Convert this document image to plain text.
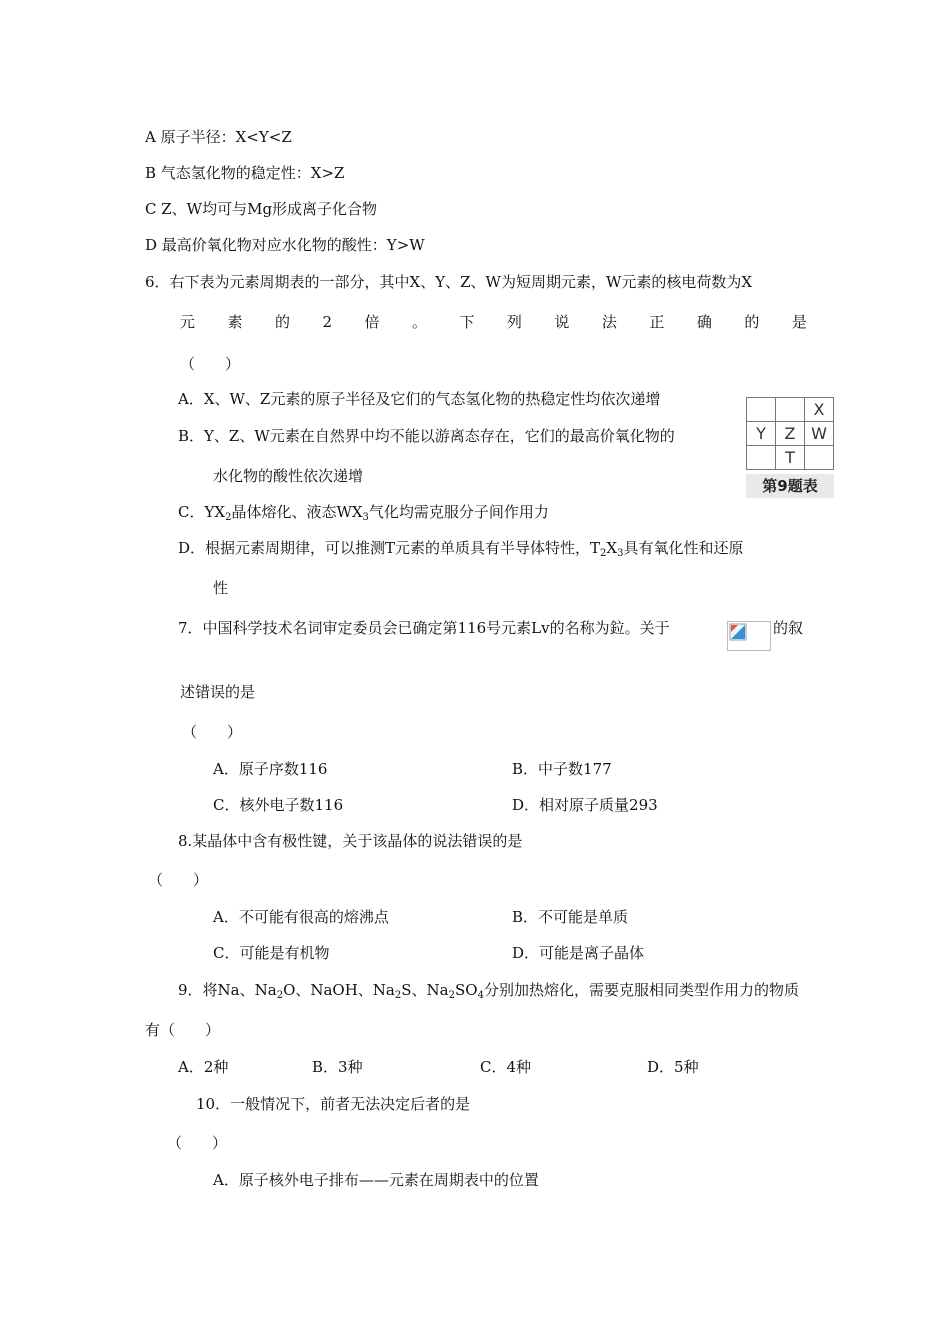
A 原子半径：X<Y<Z
B 气态氢化物的稳定性：X>Z
C Z、W均可与Mg形成离子化合物
D 最高价氧化物对应水化物的酸性：Y>W
6．右下表为元素周期表的一部分，其中X、Y、Z、W为短周期元素，W元素的核电荷数为X
元 素 的 2 倍 。 下 列 说 法 正 确 的 是
（　　）
A．X、W、Z元素的原子半径及它们的气态氢化物的热稳定性均依次递增
B．Y、Z、W元素在自然界中均不能以游离态存在，它们的最高价氧化物的
水化物的酸性依次递增
C．$YX_2$晶体熔化、液态$WX_3$气化均需克服分子间作用力
D．根据元素周期律，可以推测T元素的单质具有半导体特性，$T_2X_3$具有氧化性和还原
性
		X
Y	Z	W
	T	
第9题表
7．中国科学技术名词审定委员会已确定第116号元素Lv的名称为鉝。关于	的叙
述错误的是
（　　）
A．原子序数116	B．中子数177
C．核外电子数116	D．相对原子质量293
8.某晶体中含有极性键，关于该晶体的说法错误的是
（　　）
A．不可能有很高的熔沸点	B．不可能是单质
C．可能是有机物	D．可能是离子晶体
9．将Na、$Na_2O$、NaOH、$Na_2S$、$Na_2SO_4$分别加热熔化，需要克服相同类型作用力的物质
有（　　）
A．2种	B．3种	C．4种	D．5种
10．一般情况下，前者无法决定后者的是
（　　）
A．原子核外电子排布——元素在周期表中的位置
